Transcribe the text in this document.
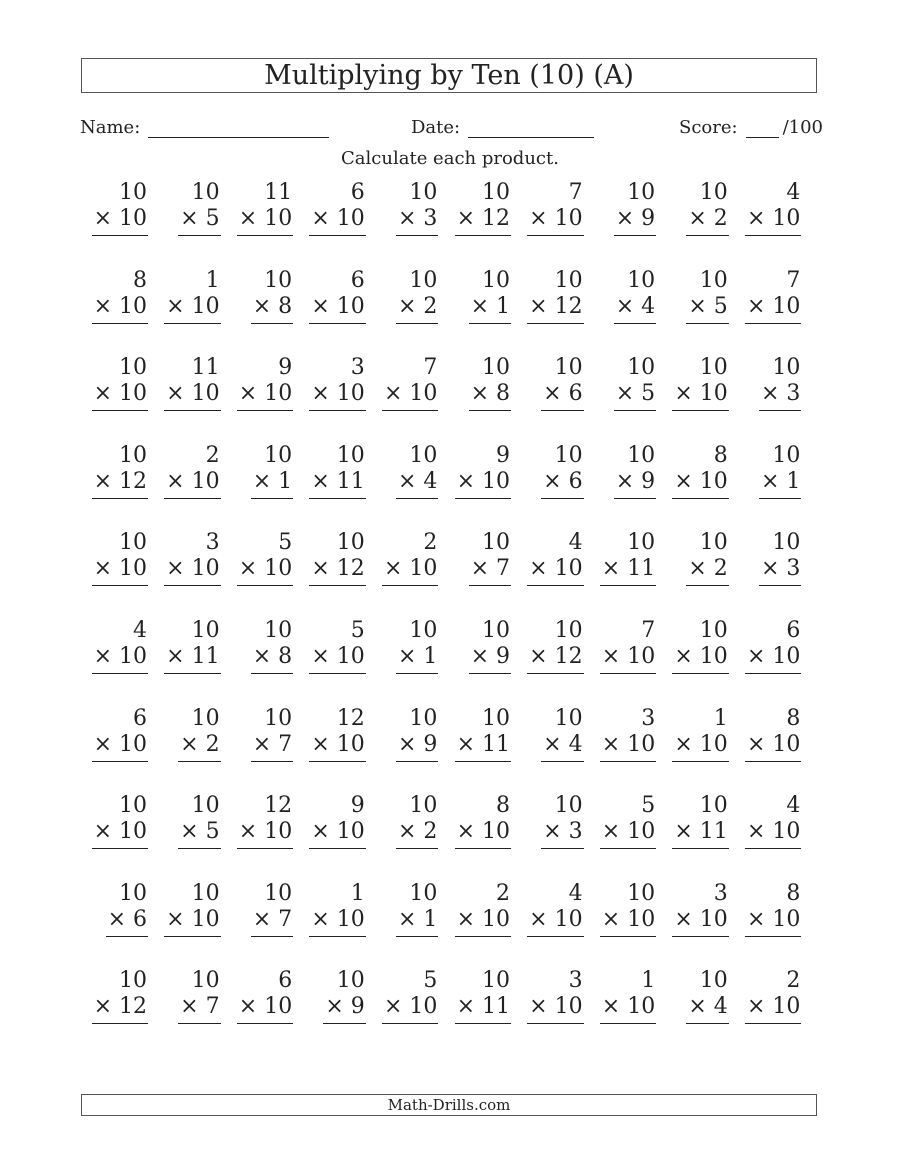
Multiplying by Ten (10) (A)
Name:	Date:	Score:	/100
Calculate each product.
10
× 10
10
× 5
11
× 10
6
× 10
10
× 3
10
× 12
7
× 10
10
× 9
10
× 2
4
× 10
8
× 10
1
× 10
10
× 8
6
× 10
10
× 2
10
× 1
10
× 12
10
× 4
10
× 5
7
× 10
10
× 10
11
× 10
9
× 10
3
× 10
7
× 10
10
× 8
10
× 6
10
× 5
10
× 10
10
× 3
10
× 12
2
× 10
10
× 1
10
× 11
10
× 4
9
× 10
10
× 6
10
× 9
8
× 10
10
× 1
10
× 10
3
× 10
5
× 10
10
× 12
2
× 10
10
× 7
4
× 10
10
× 11
10
× 2
10
× 3
4
× 10
10
× 11
10
× 8
5
× 10
10
× 1
10
× 9
10
× 12
7
× 10
10
× 10
6
× 10
6
× 10
10
× 2
10
× 7
12
× 10
10
× 9
10
× 11
10
× 4
3
× 10
1
× 10
8
× 10
10
× 10
10
× 5
12
× 10
9
× 10
10
× 2
8
× 10
10
× 3
5
× 10
10
× 11
4
× 10
10
× 6
10
× 10
10
× 7
1
× 10
10
× 1
2
× 10
4
× 10
10
× 10
3
× 10
8
× 10
10
× 12
10
× 7
6
× 10
10
× 9
5
× 10
10
× 11
3
× 10
1
× 10
10
× 4
2
× 10
Math-Drills.com
